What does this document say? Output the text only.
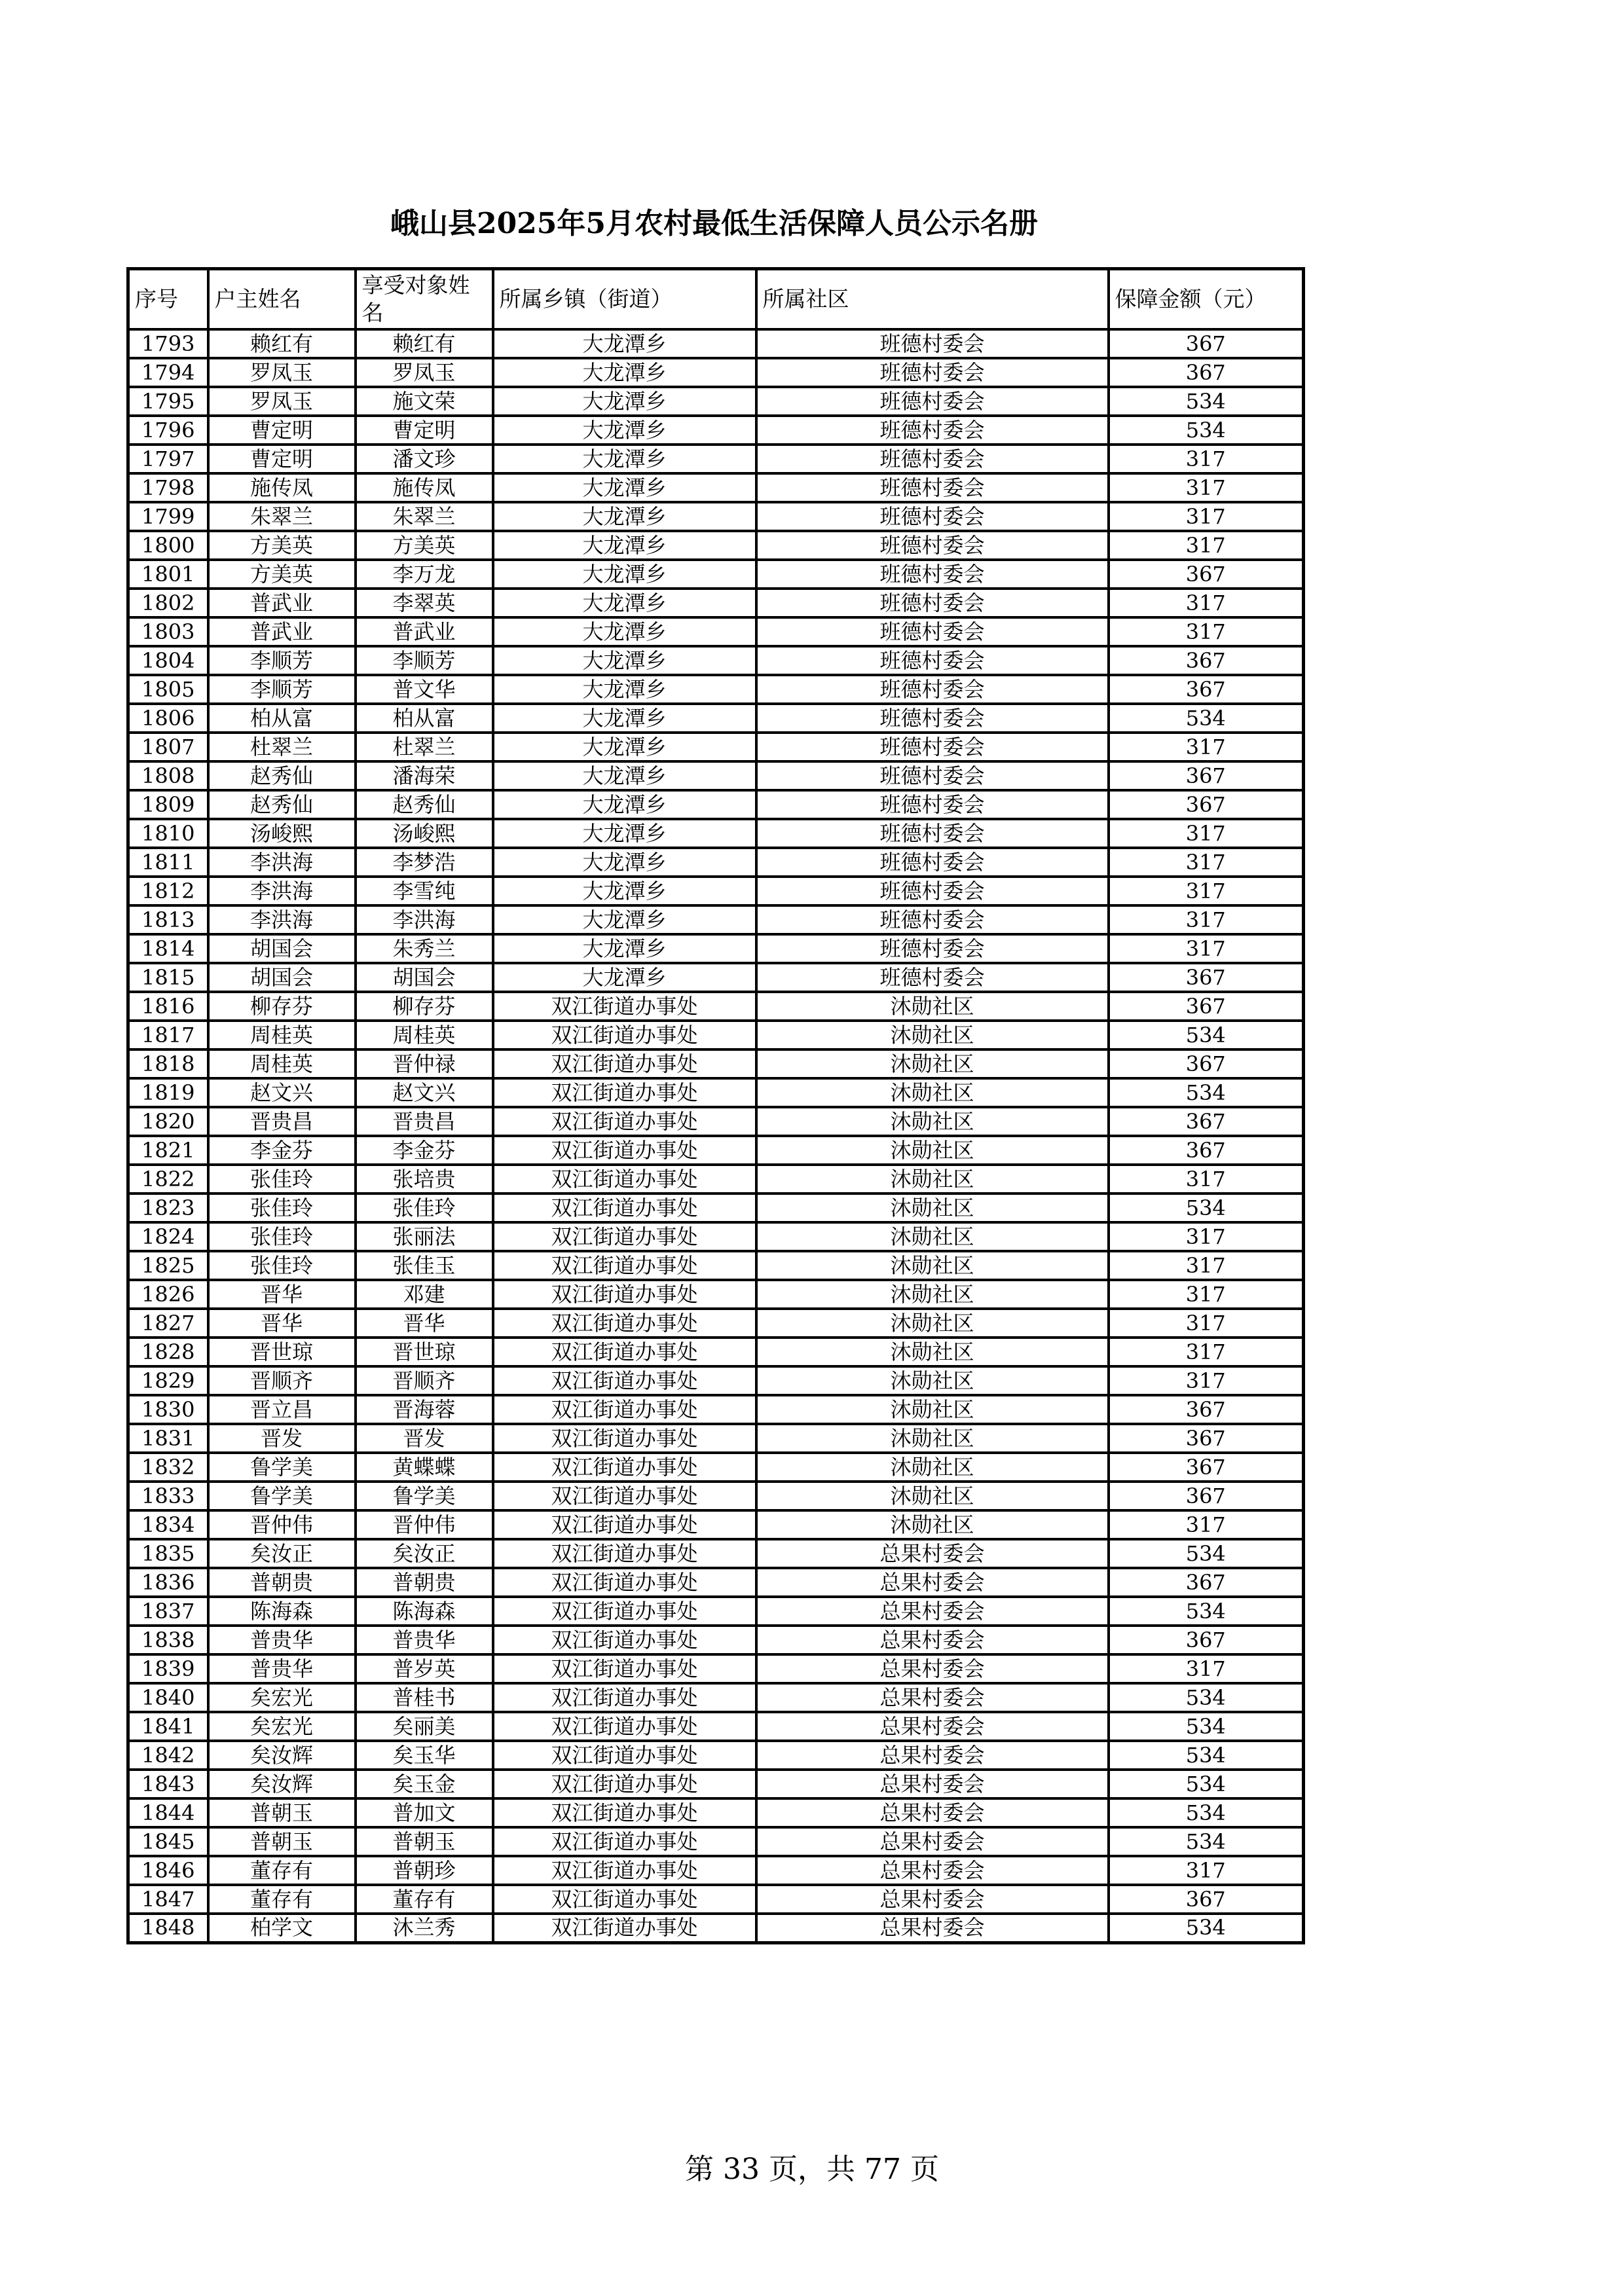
峨山县2025年5月农村最低生活保障人员公示名册
序号	户主姓名	享受对象姓名	所属乡镇（街道）	所属社区	保障金额（元）
1793	赖红有	赖红有	大龙潭乡	班德村委会	367
1794	罗凤玉	罗凤玉	大龙潭乡	班德村委会	367
1795	罗凤玉	施文荣	大龙潭乡	班德村委会	534
1796	曹定明	曹定明	大龙潭乡	班德村委会	534
1797	曹定明	潘文珍	大龙潭乡	班德村委会	317
1798	施传凤	施传凤	大龙潭乡	班德村委会	317
1799	朱翠兰	朱翠兰	大龙潭乡	班德村委会	317
1800	方美英	方美英	大龙潭乡	班德村委会	317
1801	方美英	李万龙	大龙潭乡	班德村委会	367
1802	普武业	李翠英	大龙潭乡	班德村委会	317
1803	普武业	普武业	大龙潭乡	班德村委会	317
1804	李顺芳	李顺芳	大龙潭乡	班德村委会	367
1805	李顺芳	普文华	大龙潭乡	班德村委会	367
1806	柏从富	柏从富	大龙潭乡	班德村委会	534
1807	杜翠兰	杜翠兰	大龙潭乡	班德村委会	317
1808	赵秀仙	潘海荣	大龙潭乡	班德村委会	367
1809	赵秀仙	赵秀仙	大龙潭乡	班德村委会	367
1810	汤峻熙	汤峻熙	大龙潭乡	班德村委会	317
1811	李洪海	李梦浩	大龙潭乡	班德村委会	317
1812	李洪海	李雪纯	大龙潭乡	班德村委会	317
1813	李洪海	李洪海	大龙潭乡	班德村委会	317
1814	胡国会	朱秀兰	大龙潭乡	班德村委会	317
1815	胡国会	胡国会	大龙潭乡	班德村委会	367
1816	柳存芬	柳存芬	双江街道办事处	沐勋社区	367
1817	周桂英	周桂英	双江街道办事处	沐勋社区	534
1818	周桂英	晋仲禄	双江街道办事处	沐勋社区	367
1819	赵文兴	赵文兴	双江街道办事处	沐勋社区	534
1820	晋贵昌	晋贵昌	双江街道办事处	沐勋社区	367
1821	李金芬	李金芬	双江街道办事处	沐勋社区	367
1822	张佳玲	张培贵	双江街道办事处	沐勋社区	317
1823	张佳玲	张佳玲	双江街道办事处	沐勋社区	534
1824	张佳玲	张丽法	双江街道办事处	沐勋社区	317
1825	张佳玲	张佳玉	双江街道办事处	沐勋社区	317
1826	晋华	邓建	双江街道办事处	沐勋社区	317
1827	晋华	晋华	双江街道办事处	沐勋社区	317
1828	晋世琼	晋世琼	双江街道办事处	沐勋社区	317
1829	晋顺齐	晋顺齐	双江街道办事处	沐勋社区	317
1830	晋立昌	晋海蓉	双江街道办事处	沐勋社区	367
1831	晋发	晋发	双江街道办事处	沐勋社区	367
1832	鲁学美	黄蝶蝶	双江街道办事处	沐勋社区	367
1833	鲁学美	鲁学美	双江街道办事处	沐勋社区	367
1834	晋仲伟	晋仲伟	双江街道办事处	沐勋社区	317
1835	矣汝正	矣汝正	双江街道办事处	总果村委会	534
1836	普朝贵	普朝贵	双江街道办事处	总果村委会	367
1837	陈海森	陈海森	双江街道办事处	总果村委会	534
1838	普贵华	普贵华	双江街道办事处	总果村委会	367
1839	普贵华	普岁英	双江街道办事处	总果村委会	317
1840	矣宏光	普桂书	双江街道办事处	总果村委会	534
1841	矣宏光	矣丽美	双江街道办事处	总果村委会	534
1842	矣汝辉	矣玉华	双江街道办事处	总果村委会	534
1843	矣汝辉	矣玉金	双江街道办事处	总果村委会	534
1844	普朝玉	普加文	双江街道办事处	总果村委会	534
1845	普朝玉	普朝玉	双江街道办事处	总果村委会	534
1846	董存有	普朝珍	双江街道办事处	总果村委会	317
1847	董存有	董存有	双江街道办事处	总果村委会	367
1848	柏学文	沐兰秀	双江街道办事处	总果村委会	534
第 33 页，共 77 页
